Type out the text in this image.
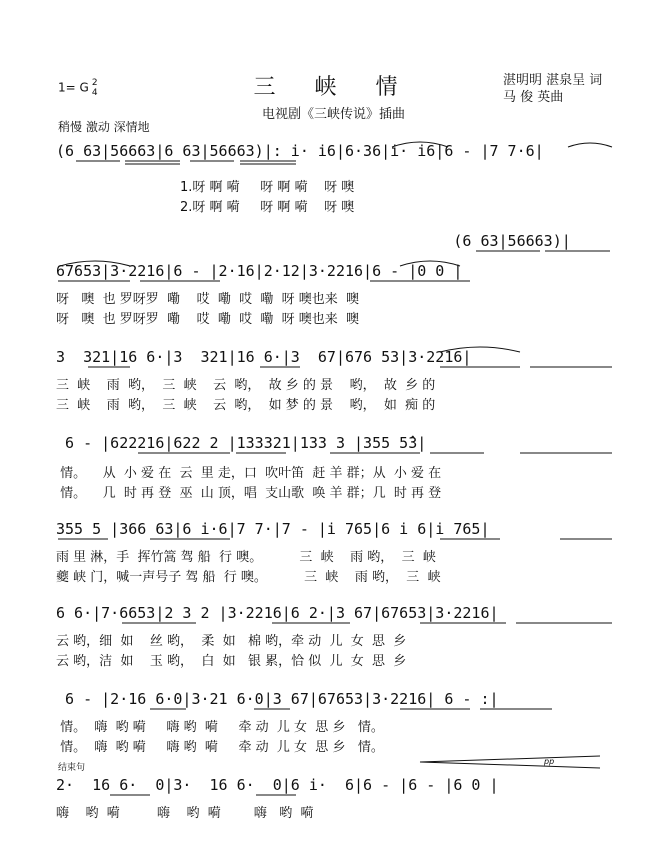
1= G 2
4	三 峡 情
电视剧《三峡传说》插曲
湛明明 湛泉呈 词
马 俊 英曲
稍慢 激动 深情地
(6 63|56663|6 63|56663)|: i· i6|6·36|i· i6|6 - |7 7·6|
1.呀 啊 嗬     呀 啊 嗬    呀 噢
2.呀 啊 嗬     呀 啊 嗬    呀 噢
(6 63|56663)|
67653|3·2216|6 - |2·16|2·12|3·2216|6 - |0 0 |
呀   噢  也 罗呀罗  嘞    哎  嘞  哎  嘞  呀 噢也来  噢
呀   噢  也 罗呀罗  嘞    哎  嘞  哎  嘞  呀 噢也来  噢
3  321|16 6·|3  321|16 6·|3  67|676 53|3·2216|
三  峡    雨  哟，  三  峡    云  哟，  故 乡 的 景    哟，  故  乡 的
三  峡    雨  哟，  三  峡    云  哟，  如 梦 的 景    哟，  如  痴 的
6 - |622216|622 2 |133321|133 3 |355 5̂3|
情。    从  小 爱 在  云  里 走，口  吹叶笛  赶 羊 群；从  小 爱 在
情。    几  时 再 登  巫  山 顶，唱  支山歌  唤 羊 群；几  时 再 登
355 5 |366 63|6 i·6|7 7·|7 - |i 765|6 i 6|i 765|
雨 里 淋，手  挥竹篙 驾 船  行 噢。         三  峡    雨 哟，  三  峡
夔 峡 门，喊一声号子 驾 船  行 噢。         三  峡    雨 哟，  三  峡
6 6·|7·6653|2 3 2 |3·2216|6 2·|3 67|67653|3·2216|
云 哟，细  如    丝 哟，  柔  如   棉 哟，牵 动  儿  女  思  乡
云 哟，洁  如    玉 哟，  白  如   银 累，恰 似  儿  女  思  乡
6 - |2·16 6·0|3·21 6·0|3 67|67653|3·2216| 6 - :|
情。  嗨  哟 嗬     嗨 哟  嗬     牵 动  儿 女  思 乡   情。
情。  嗨  哟 嗬     嗨 哟  嗬     牵 动  儿 女  思 乡   情。
结束句
pp
2·  16 6·  0|3·  16 6·  0|6 i·  6|6 - |6 - |6 0 |
嗨    哟  嗬         嗨    哟  嗬        嗨   哟  嗬
